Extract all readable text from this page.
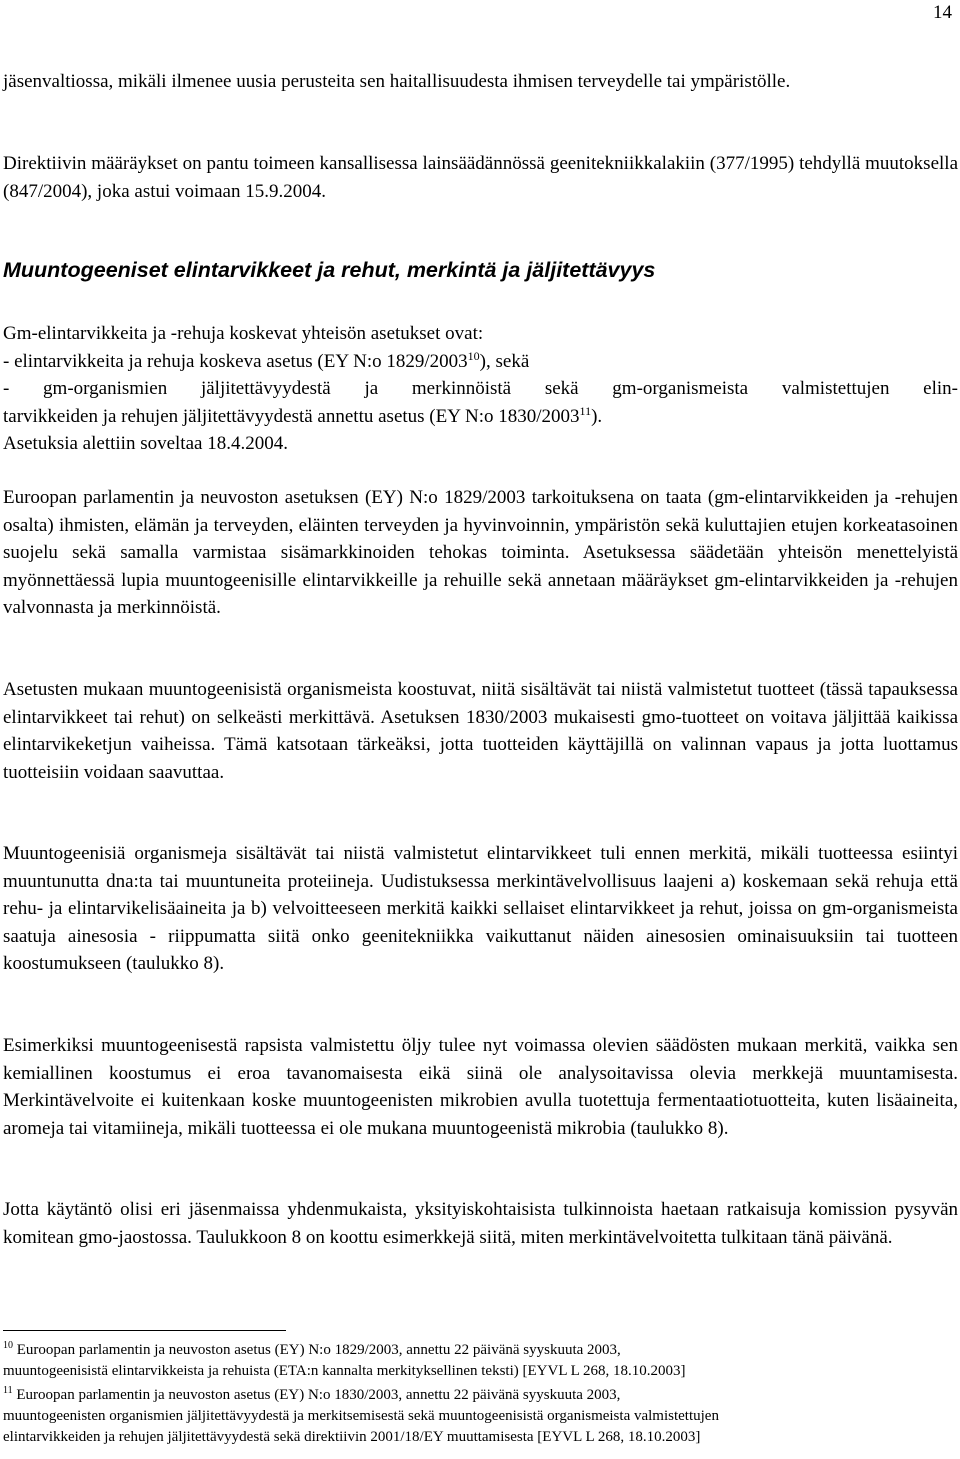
14

jäsenvaltiossa, mikäli ilmenee uusia perusteita sen haitallisuudesta ihmisen terveydelle tai ympäristölle.

Direktiivin määräykset on pantu toimeen kansallisessa lainsäädännössä geenitekniikkalakiin (377/1995) tehdyllä muutoksella (847/2004), joka astui voimaan 15.9.2004.

Muuntogeeniset elintarvikkeet ja rehut, merkintä ja jäljitettävyys
Gm-elintarvikkeita ja -rehuja koskevat yhteisön asetukset ovat:
- elintarvikkeita ja rehuja koskeva asetus (EY N:o 1829/2003$^{10}$), sekä
- gm-organismien jäljitettävyydestä ja merkinnöistä sekä gm-organismeista valmistettujen elin-
tarvikkeiden ja rehujen jäljitettävyydestä annettu asetus (EY N:o 1830/2003$^{11}$).
Asetuksia alettiin soveltaa 18.4.2004.

Euroopan parlamentin ja neuvoston asetuksen (EY) N:o 1829/2003 tarkoituksena on taata (gm-elintarvikkeiden ja -rehujen osalta) ihmisten, elämän ja terveyden, eläinten terveyden ja hyvinvoinnin, ympäristön sekä kuluttajien etujen korkeatasoinen suojelu sekä samalla varmistaa sisämarkkinoiden tehokas toiminta. Asetuksessa säädetään yhteisön menettelyistä myönnettäessä lupia muuntogeenisille elintarvikkeille ja rehuille sekä annetaan määräykset gm-elintarvikkeiden ja -rehujen valvonnasta ja merkinnöistä.

Asetusten mukaan muuntogeenisistä organismeista koostuvat, niitä sisältävät tai niistä valmistetut tuotteet (tässä tapauksessa elintarvikkeet tai rehut) on selkeästi merkittävä. Asetuksen 1830/2003 mukaisesti gmo-tuotteet on voitava jäljittää kaikissa elintarvikeketjun vaiheissa. Tämä katsotaan tärkeäksi, jotta tuotteiden käyttäjillä on valinnan vapaus ja jotta luottamus tuotteisiin voidaan saavuttaa.

Muuntogeenisiä organismeja sisältävät tai niistä valmistetut elintarvikkeet tuli ennen merkitä, mikäli tuotteessa esiintyi muuntunutta dna:ta tai muuntuneita proteiineja. Uudistuksessa merkintävelvollisuus laajeni a) koskemaan sekä rehuja että rehu- ja elintarvikelisäaineita ja b) velvoitteeseen merkitä kaikki sellaiset elintarvikkeet ja rehut, joissa on gm-organismeista saatuja ainesosia - riippumatta siitä onko geenitekniikka vaikuttanut näiden ainesosien ominaisuuksiin tai tuotteen koostumukseen (taulukko 8).

Esimerkiksi muuntogeenisestä rapsista valmistettu öljy tulee nyt voimassa olevien säädösten mukaan merkitä, vaikka sen kemiallinen koostumus ei eroa tavanomaisesta eikä siinä ole analysoitavissa olevia merkkejä muuntamisesta. Merkintävelvoite ei kuitenkaan koske muuntogeenisten mikrobien avulla tuotettuja fermentaatiotuotteita, kuten lisäaineita, aromeja tai vitamiineja, mikäli tuotteessa ei ole mukana muuntogeenistä mikrobia (taulukko 8).

Jotta käytäntö olisi eri jäsenmaissa yhdenmukaista, yksityiskohtaisista tulkinnoista haetaan ratkaisuja komission pysyvän komitean gmo-jaostossa. Taulukkoon 8 on koottu esimerkkejä siitä, miten merkintävelvoitetta tulkitaan tänä päivänä.

$^{10}$ Euroopan parlamentin ja neuvoston asetus (EY) N:o 1829/2003, annettu 22 päivänä syyskuuta 2003,
muuntogeenisistä elintarvikkeista ja rehuista (ETA:n kannalta merkityksellinen teksti) [EYVL L 268, 18.10.2003]
$^{11}$ Euroopan parlamentin ja neuvoston asetus (EY) N:o 1830/2003, annettu 22 päivänä syyskuuta 2003,
muuntogeenisten organismien jäljitettävyydestä ja merkitsemisestä sekä muuntogeenisistä organismeista valmistettujen
elintarvikkeiden ja rehujen jäljitettävyydestä sekä direktiivin 2001/18/EY muuttamisesta [EYVL L 268, 18.10.2003]
